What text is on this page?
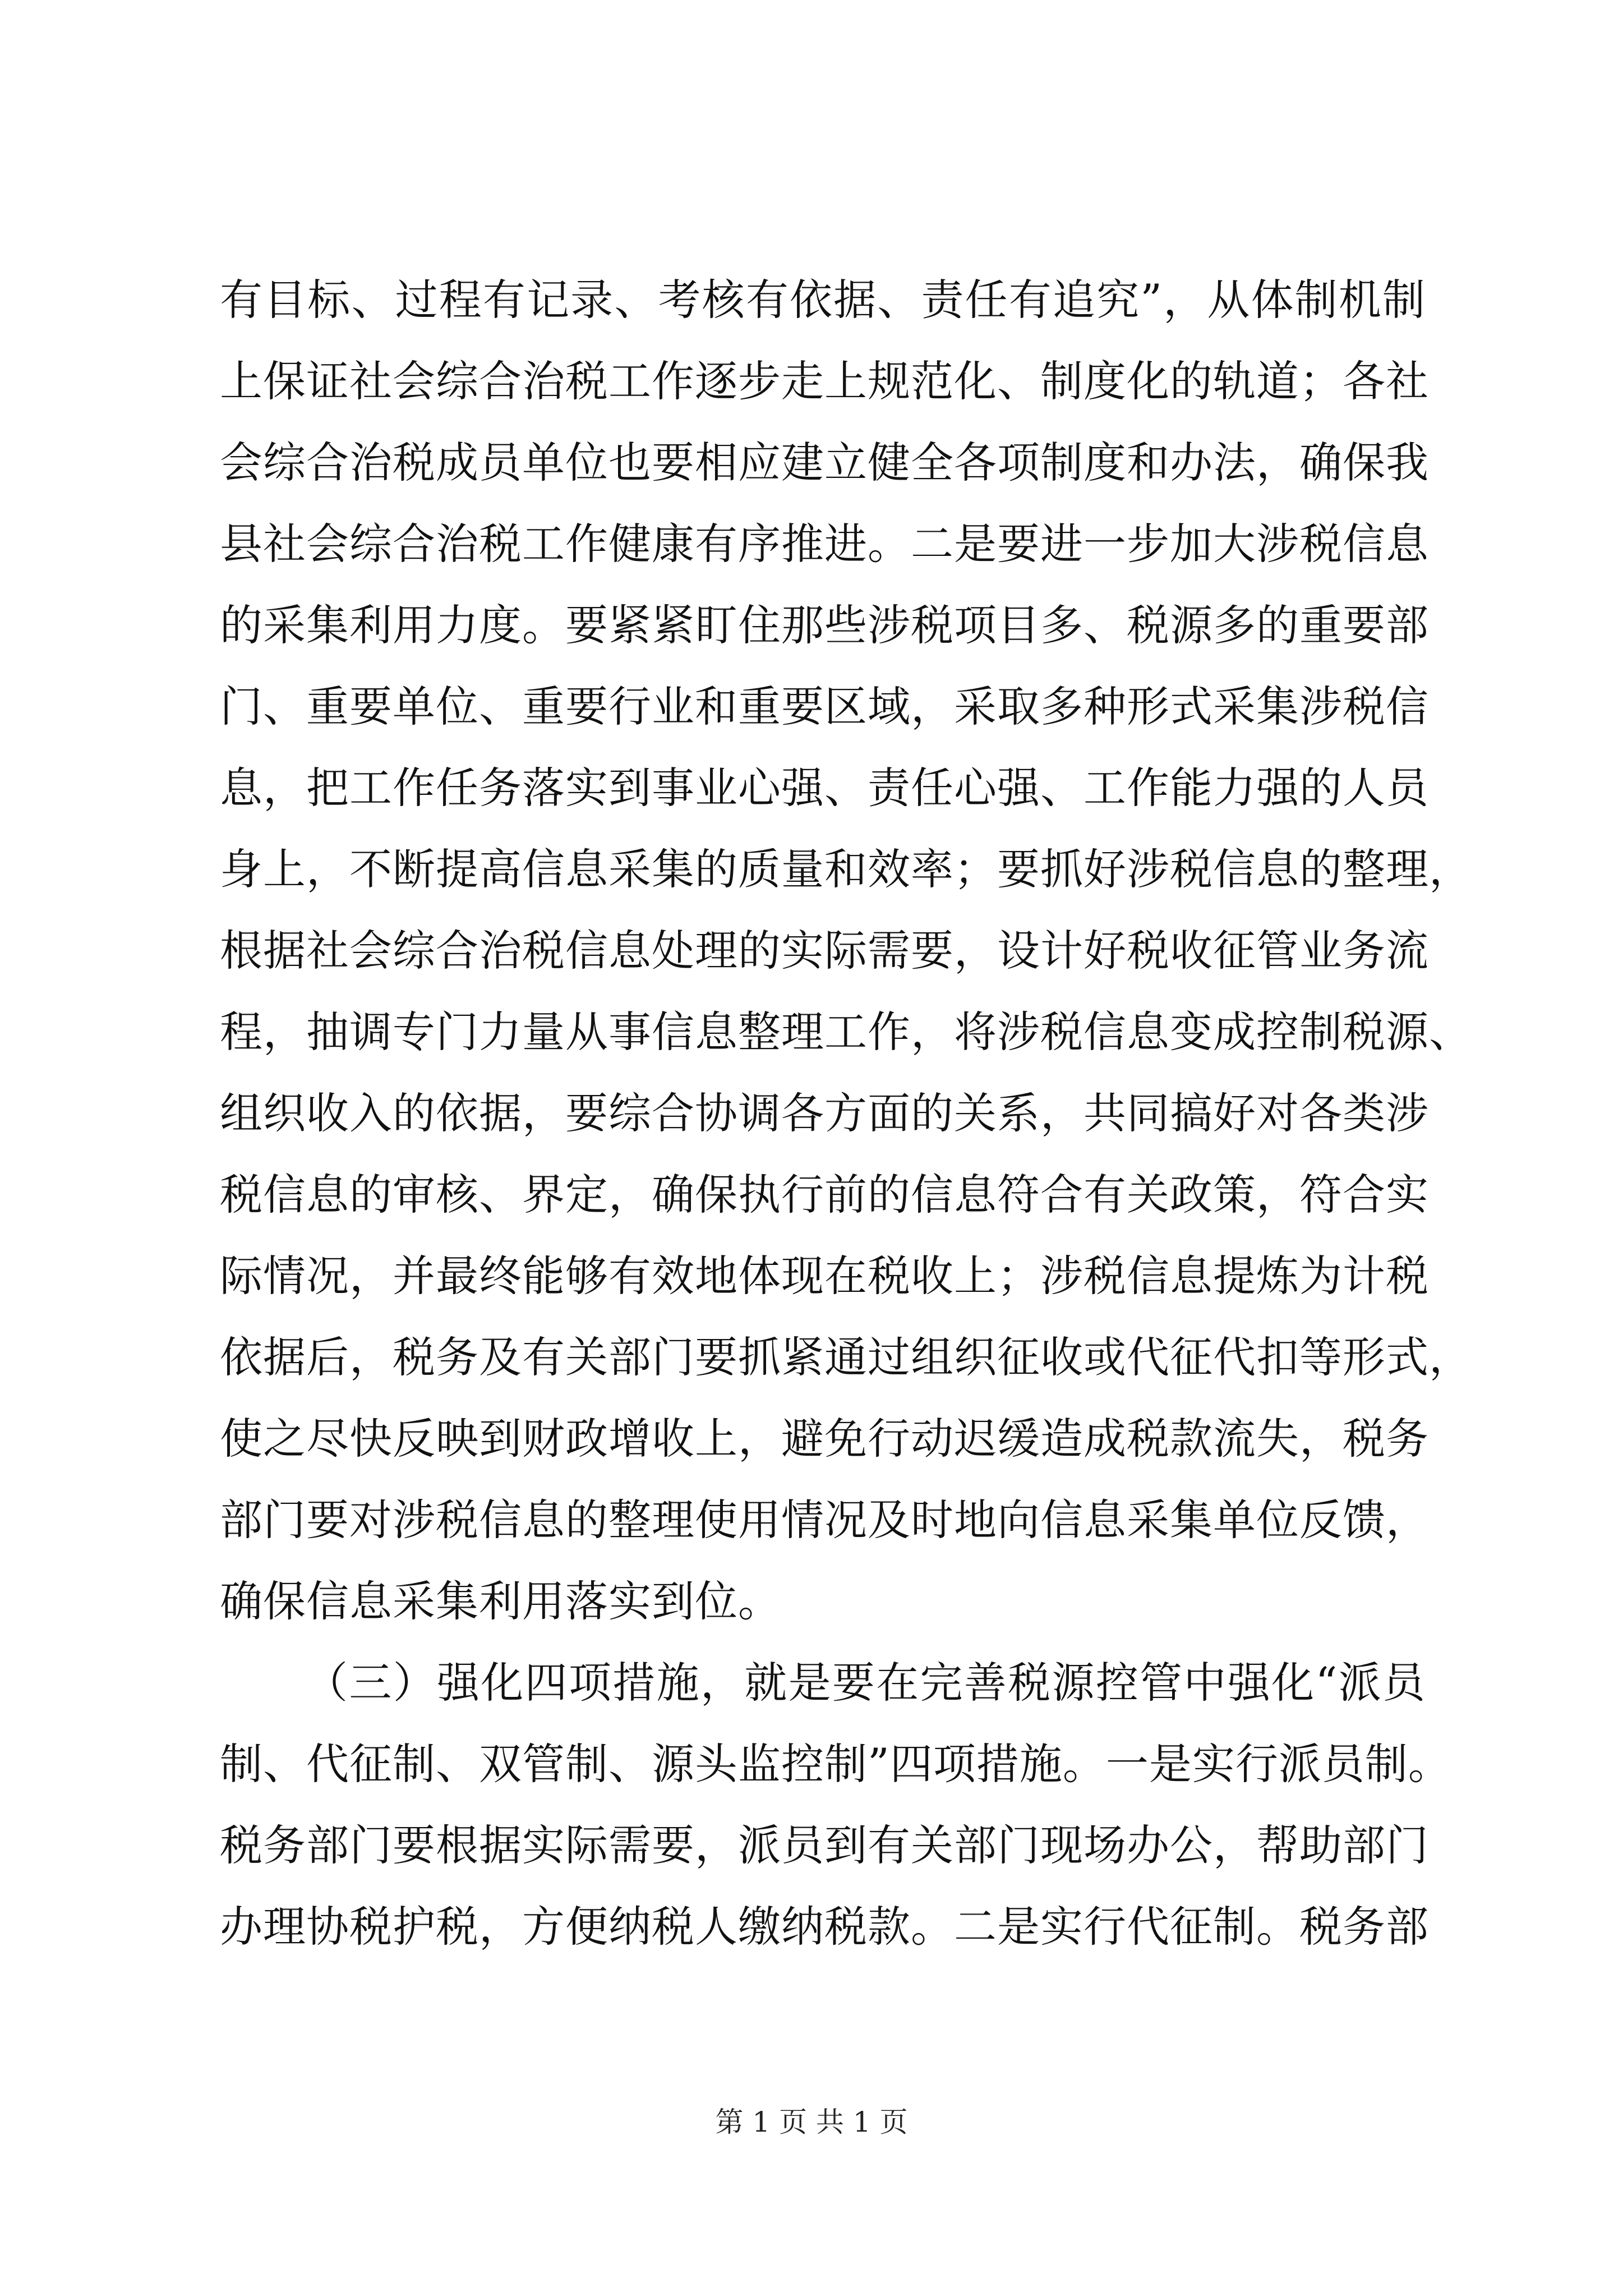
有目标、过程有记录、考核有依据、责任有追究”，从体制机制
上保证社会综合治税工作逐步走上规范化、制度化的轨道；各社
会综合治税成员单位也要相应建立健全各项制度和办法，确保我
县社会综合治税工作健康有序推进。二是要进一步加大涉税信息
的采集利用力度。要紧紧盯住那些涉税项目多、税源多的重要部
门、重要单位、重要行业和重要区域，采取多种形式采集涉税信
息，把工作任务落实到事业心强、责任心强、工作能力强的人员
身上，不断提高信息采集的质量和效率；要抓好涉税信息的整理，
根据社会综合治税信息处理的实际需要，设计好税收征管业务流
程，抽调专门力量从事信息整理工作，将涉税信息变成控制税源、
组织收入的依据，要综合协调各方面的关系，共同搞好对各类涉
税信息的审核、界定，确保执行前的信息符合有关政策，符合实
际情况，并最终能够有效地体现在税收上；涉税信息提炼为计税
依据后，税务及有关部门要抓紧通过组织征收或代征代扣等形式，
使之尽快反映到财政增收上，避免行动迟缓造成税款流失，税务
部门要对涉税信息的整理使用情况及时地向信息采集单位反馈，
确保信息采集利用落实到位。
（三）强化四项措施，就是要在完善税源控管中强化“派员
制、代征制、双管制、源头监控制”四项措施。一是实行派员制。
税务部门要根据实际需要，派员到有关部门现场办公，帮助部门
办理协税护税，方便纳税人缴纳税款。二是实行代征制。税务部
第 1 页 共 1 页
